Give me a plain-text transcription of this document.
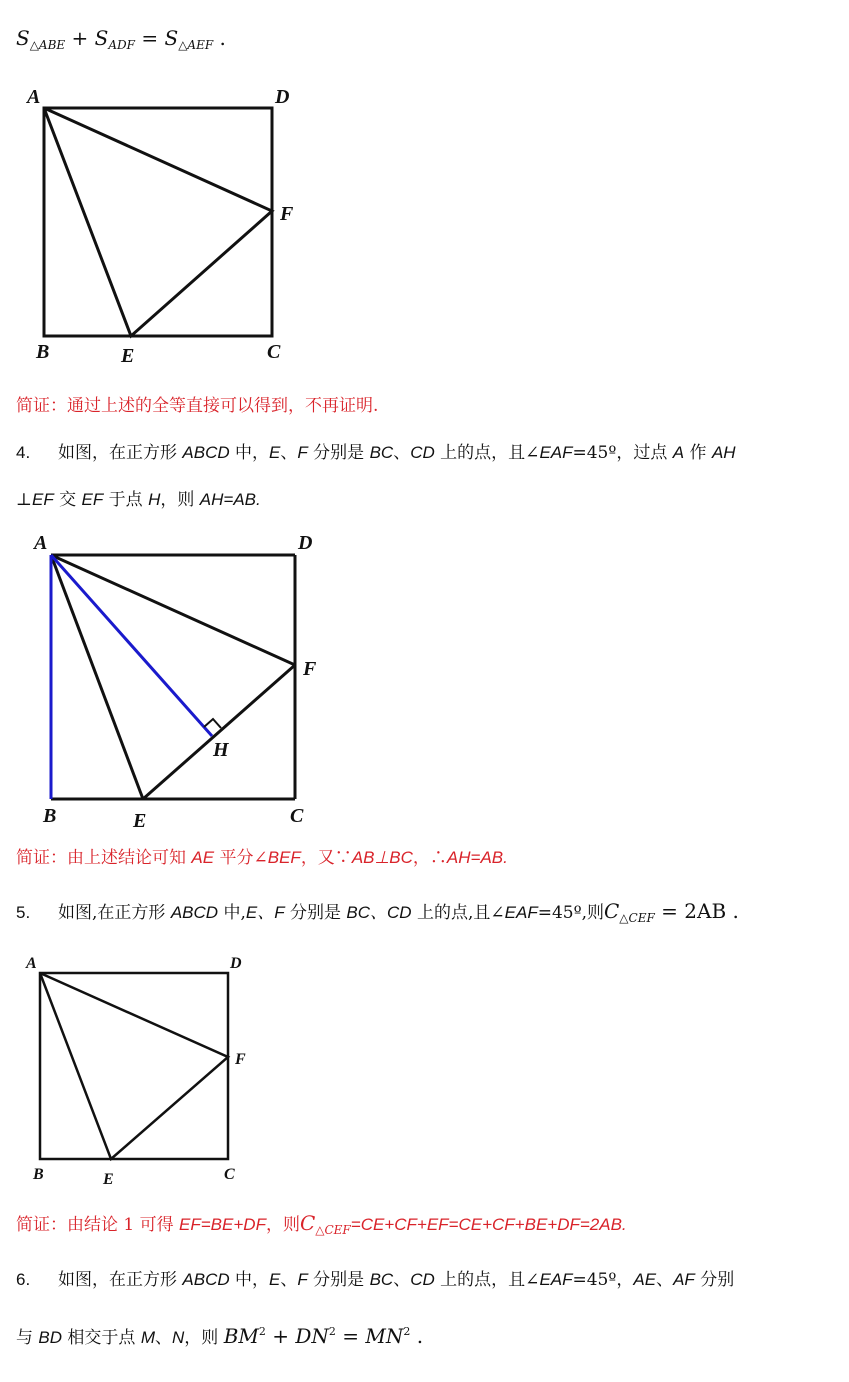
$S_{\triangle ABE} + S_{ADF} = S_{\triangle AEF}$ .
A	D
F
B	E	C
A	D
F
H
B	E	C
A	D
F
B	E	C
简证：通过上述的全等直接可以得到，不再证明.
4. 如图，在正方形 ABCD 中，E、F 分别是 BC、CD 上的点，且∠EAF=45º，过点 A 作 AH
⊥EF 交 EF 于点 H，则 AH=AB.
简证：由上述结论可知 AE 平分∠BEF，又∵AB⊥BC，∴AH=AB.
5. 如图,在正方形 ABCD 中,E、F 分别是 BC、CD 上的点,且∠EAF=45º,则$C_{\triangle CEF} = 2AB$ .
简证：由结论 1 可得 EF=BE+DF，则$C_{\triangle CEF}=CE+CF+EF=CE+CF+BE+DF=2AB$.
6. 如图，在正方形 ABCD 中，E、F 分别是 BC、CD 上的点，且∠EAF=45º，AE、AF 分别
与 BD 相交于点 M、N，则 $BM^2 + DN^2 = MN^2$ .
